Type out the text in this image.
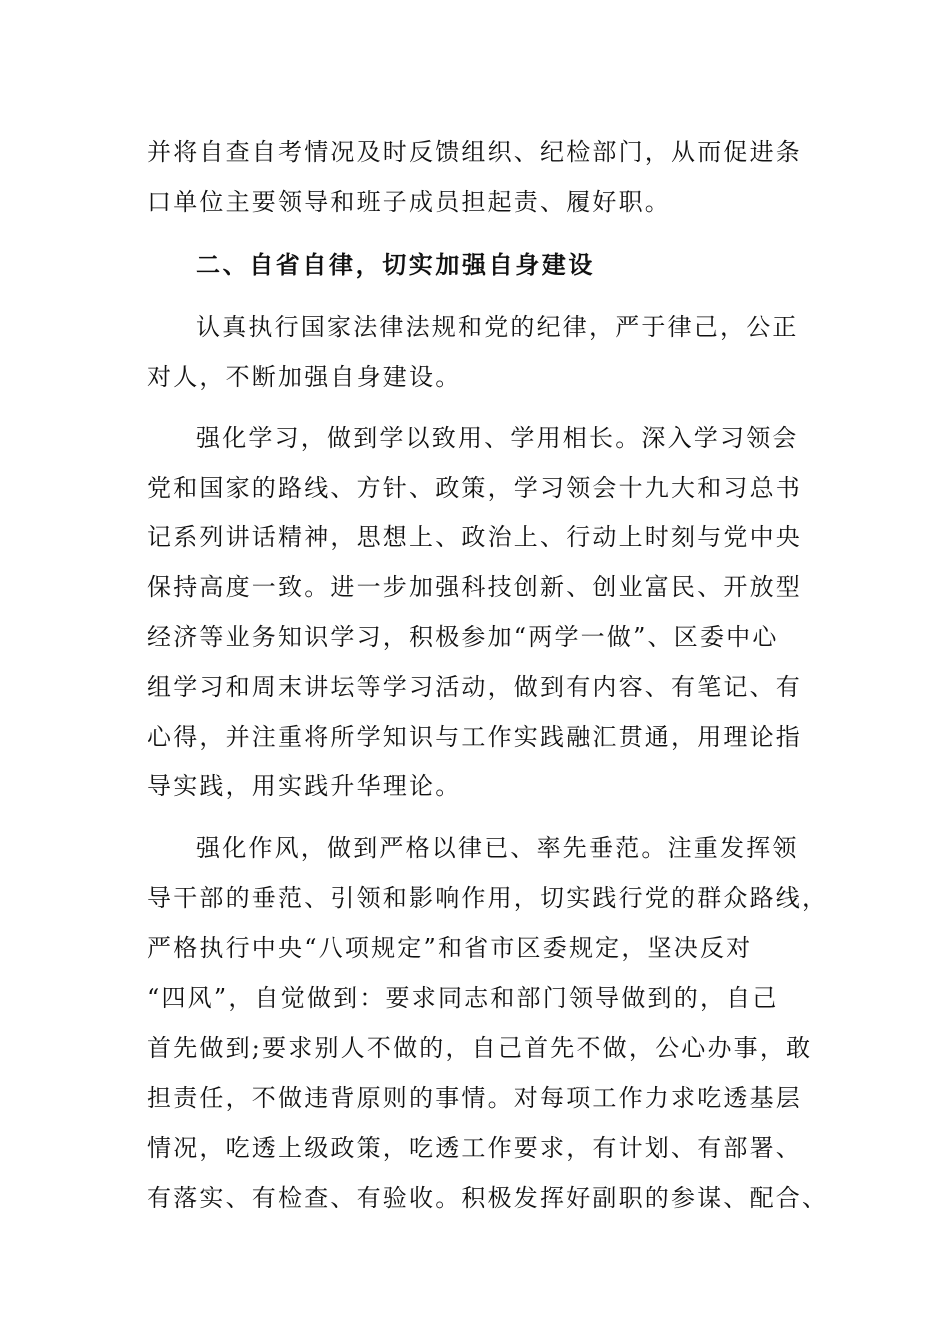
并将自查自考情况及时反馈组织、纪检部门，从而促进条
口单位主要领导和班子成员担起责、履好职。
二、自省自律，切实加强自身建设
认真执行国家法律法规和党的纪律，严于律己，公正
对人，不断加强自身建设。
强化学习，做到学以致用、学用相长。深入学习领会
党和国家的路线、方针、政策，学习领会十九大和习总书
记系列讲话精神，思想上、政治上、行动上时刻与党中央
保持高度一致。进一步加强科技创新、创业富民、开放型
经济等业务知识学习，积极参加“两学一做”、区委中心
组学习和周末讲坛等学习活动，做到有内容、有笔记、有
心得，并注重将所学知识与工作实践融汇贯通，用理论指
导实践，用实践升华理论。
强化作风，做到严格以律已、率先垂范。注重发挥领
导干部的垂范、引领和影响作用，切实践行党的群众路线，
严格执行中央“八项规定”和省市区委规定，坚决反对
“四风”，自觉做到：要求同志和部门领导做到的，自己
首先做到;要求别人不做的，自己首先不做，公心办事，敢
担责任，不做违背原则的事情。对每项工作力求吃透基层
情况，吃透上级政策，吃透工作要求，有计划、有部署、
有落实、有检查、有验收。积极发挥好副职的参谋、配合、
